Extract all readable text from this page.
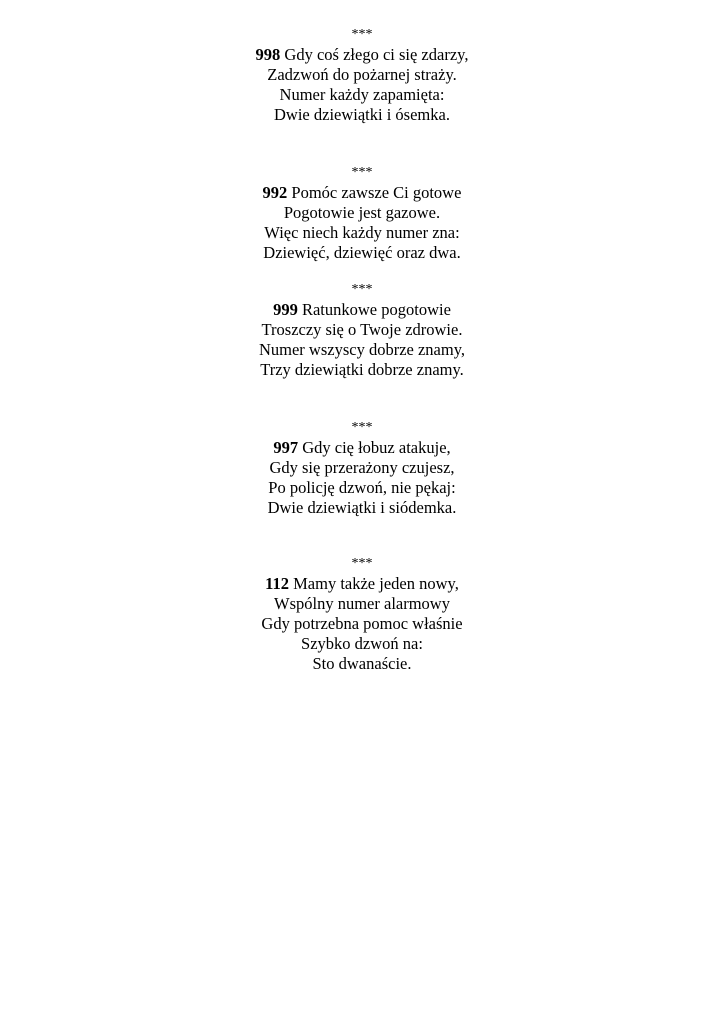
***
998 Gdy coś złego ci się zdarzy,
Zadzwoń do pożarnej straży.
Numer każdy zapamięta:
Dwie dziewiątki i ósemka.
***
992 Pomóc zawsze Ci gotowe
Pogotowie jest gazowe.
Więc niech każdy numer zna:
Dziewięć, dziewięć oraz dwa.
***
999 Ratunkowe pogotowie
Troszczy się o Twoje zdrowie.
Numer wszyscy dobrze znamy,
Trzy dziewiątki dobrze znamy.
***
997 Gdy cię łobuz atakuje,
Gdy się przerażony czujesz,
Po policję dzwoń, nie pękaj:
Dwie dziewiątki i siódemka.
***
112 Mamy także jeden nowy,
Wspólny numer alarmowy
Gdy potrzebna pomoc właśnie
Szybko dzwoń na:
Sto dwanaście.
